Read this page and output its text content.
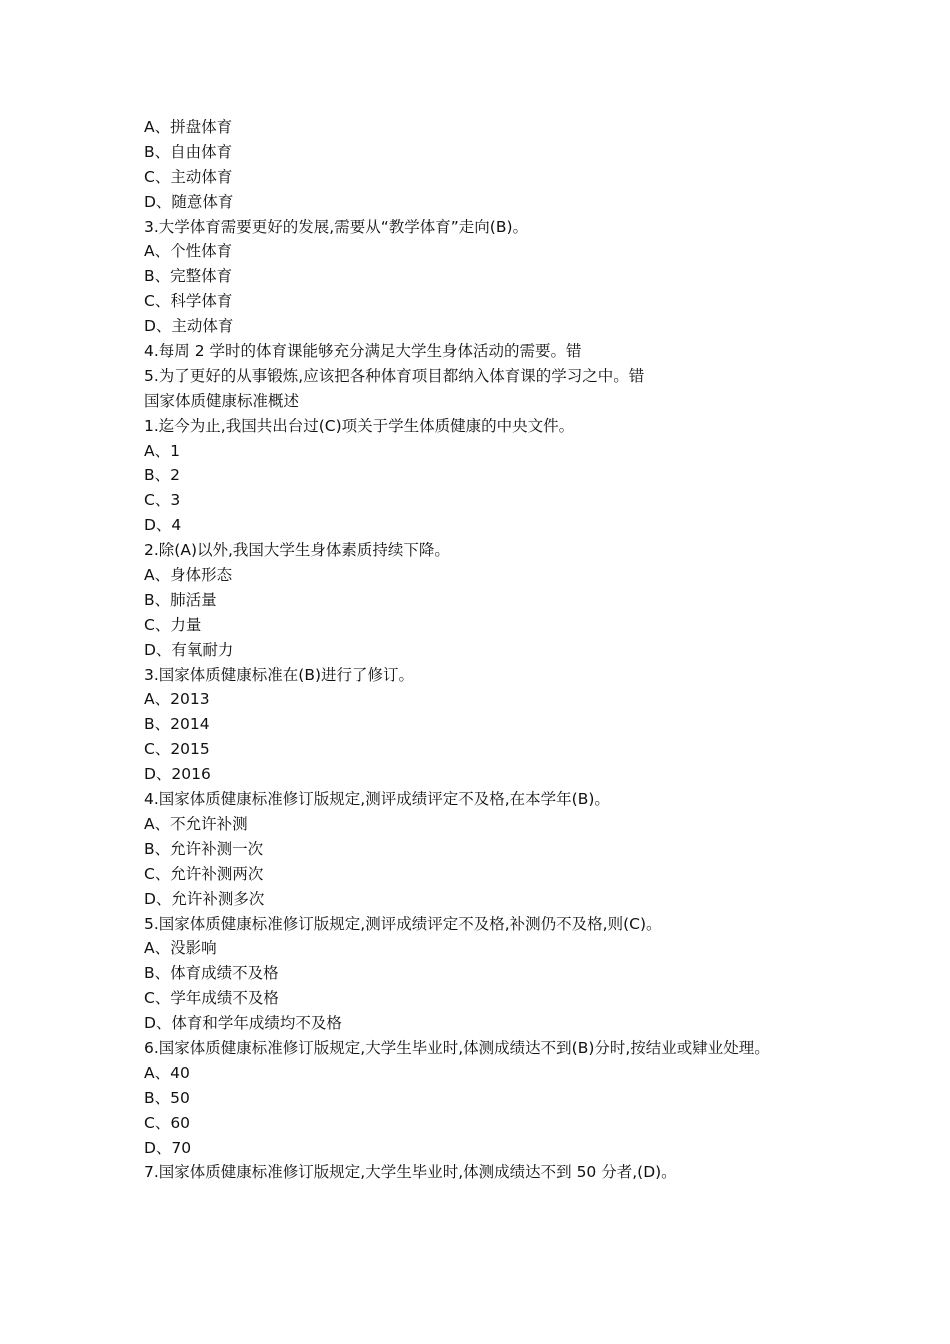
A、拼盘体育
B、自由体育
C、主动体育
D、随意体育
3.大学体育需要更好的发展,需要从“教学体育”走向(B)。
A、个性体育
B、完整体育
C、科学体育
D、主动体育
4.每周 2 学时的体育课能够充分满足大学生身体活动的需要。错
5.为了更好的从事锻炼,应该把各种体育项目都纳入体育课的学习之中。错
国家体质健康标准概述
1.迄今为止,我国共出台过(C)项关于学生体质健康的中央文件。
A、1
B、2
C、3
D、4
2.除(A)以外,我国大学生身体素质持续下降。
A、身体形态
B、肺活量
C、力量
D、有氧耐力
3.国家体质健康标准在(B)进行了修订。
A、2013
B、2014
C、2015
D、2016
4.国家体质健康标准修订版规定,测评成绩评定不及格,在本学年(B)。
A、不允许补测
B、允许补测一次
C、允许补测两次
D、允许补测多次
5.国家体质健康标准修订版规定,测评成绩评定不及格,补测仍不及格,则(C)。
A、没影响
B、体育成绩不及格
C、学年成绩不及格
D、体育和学年成绩均不及格
6.国家体质健康标准修订版规定,大学生毕业时,体测成绩达不到(B)分时,按结业或肄业处理。
A、40
B、50
C、60
D、70
7.国家体质健康标准修订版规定,大学生毕业时,体测成绩达不到 50 分者,(D)。
